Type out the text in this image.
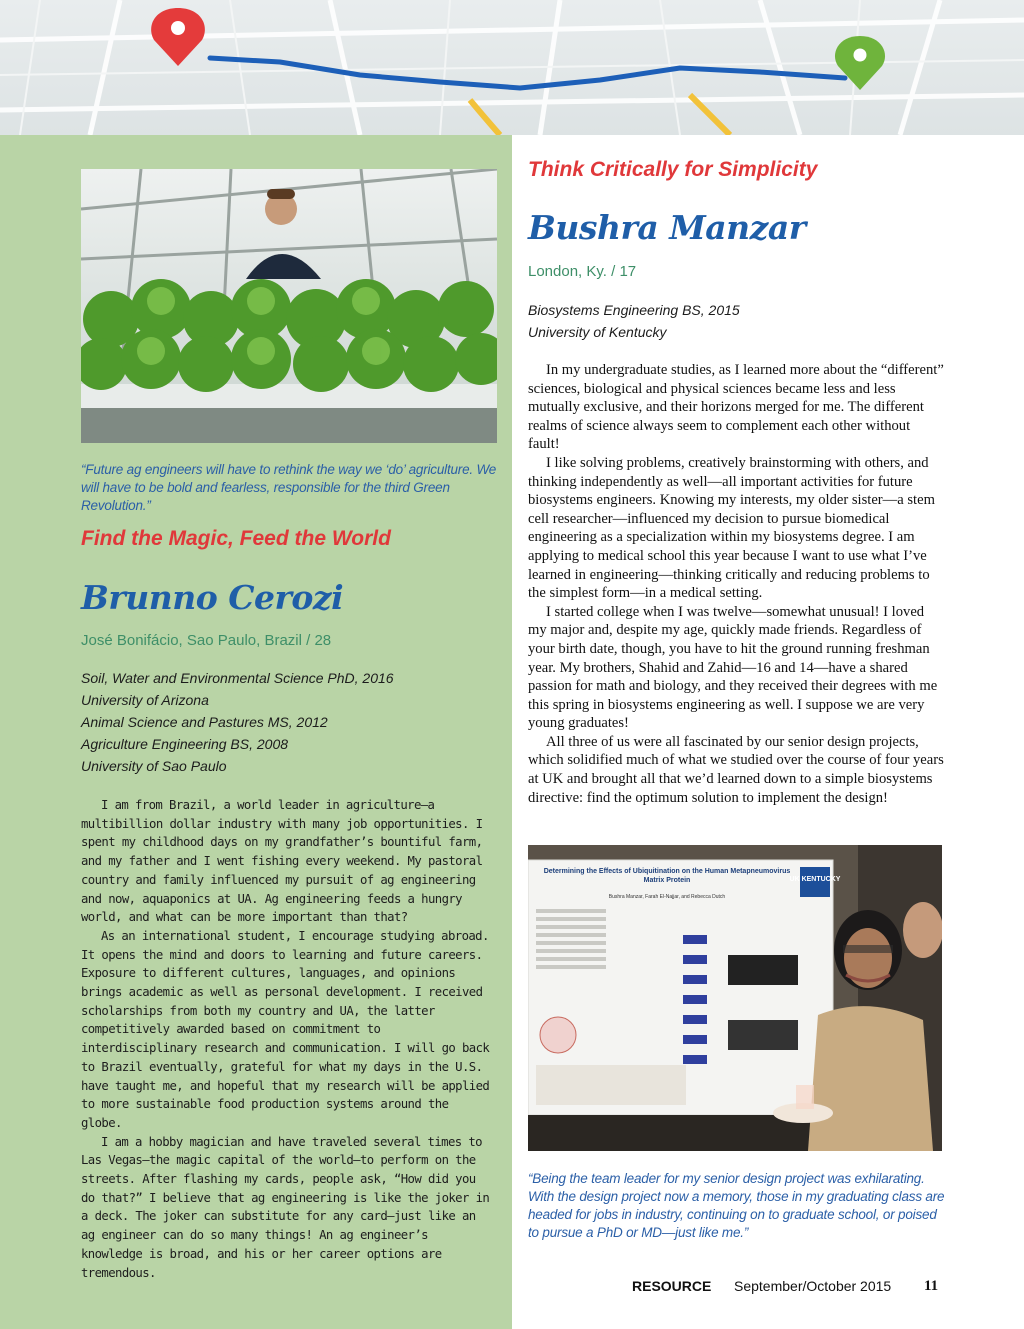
“Future ag engineers will have to rethink the way we ‘do’ agriculture. We will have to be bold and fearless, responsible for the third Green Revolution.”
Find the Magic, Feed the World
Brunno Cerozi
José Bonifácio, Sao Paulo, Brazil / 28
Soil, Water and Environmental Science PhD, 2016
University of Arizona
Animal Science and Pastures MS, 2012
Agriculture Engineering BS, 2008
University of Sao Paulo

I am from Brazil, a world leader in agriculture—a multibillion dollar industry with many job opportunities. I spent my childhood days on my grandfather’s bountiful farm, and my father and I went fishing every weekend. My pastoral country and family influenced my pursuit of ag engineering and now, aquaponics at UA. Ag engineering feeds a hungry world, and what can be more important than that?

As an international student, I encourage studying abroad. It opens the mind and doors to learning and future careers. Exposure to different cultures, languages, and opinions brings academic as well as personal development. I received scholarships from both my country and UA, the latter competitively awarded based on commitment to interdisciplinary research and communication. I will go back to Brazil eventually, grateful for what my days in the U.S. have taught me, and hopeful that my research will be applied to more sustainable food production systems around the globe.

I am a hobby magician and have traveled several times to Las Vegas—the magic capital of the world—to perform on the streets. After flashing my cards, people ask, “How did you do that?” I believe that ag engineering is like the joker in a deck. The joker can substitute for any card—just like an ag engineer can do so many things! An ag engineer’s knowledge is broad, and his or her career options are tremendous.

Think Critically for Simplicity
Bushra Manzar
London, Ky. / 17
Biosystems Engineering BS, 2015
University of Kentucky

In my undergraduate studies, as I learned more about the “different” sciences, biological and physical sciences became less and less mutually exclusive, and their horizons merged for me. The different realms of science always seem to complement each other without fault!

I like solving problems, creatively brainstorming with others, and thinking independently as well—all important activities for future biosystems engineers. Knowing my interests, my older sister—a stem cell researcher—influenced my decision to pursue biomedical engineering as a specialization within my biosystems degree. I am applying to medical school this year because I want to use what I’ve learned in engineering—thinking critically and reducing problems to the simplest form—in a medical setting.

I started college when I was twelve—somewhat unusual! I loved my major and, despite my age, quickly made friends. Regardless of your birth date, though, you have to hit the ground running freshman year. My brothers, Shahid and Zahid—16 and 14—have a shared passion for math and biology, and they received their degrees with me this spring in biosystems engineering as well. I suppose we are very young graduates!

All three of us were all fascinated by our senior design projects, which solidified much of what we studied over the course of four years at UK and brought all that we’d learned down to a simple biosystems directive: find the optimum solution to implement the design!

UK KENTUCKY
Determining the Effects of Ubiquitination on the Human Metapneumovirus Matrix Protein
Bushra Manzar, Farah El-Najjar, and Rebecca Dutch
“Being the team leader for my senior design project was exhilarating. With the design project now a memory, those in my graduating class are headed for jobs in industry, continuing on to graduate school, or poised to pursue a PhD or MD—just like me.”
RESOURCE September/October 2015 11
